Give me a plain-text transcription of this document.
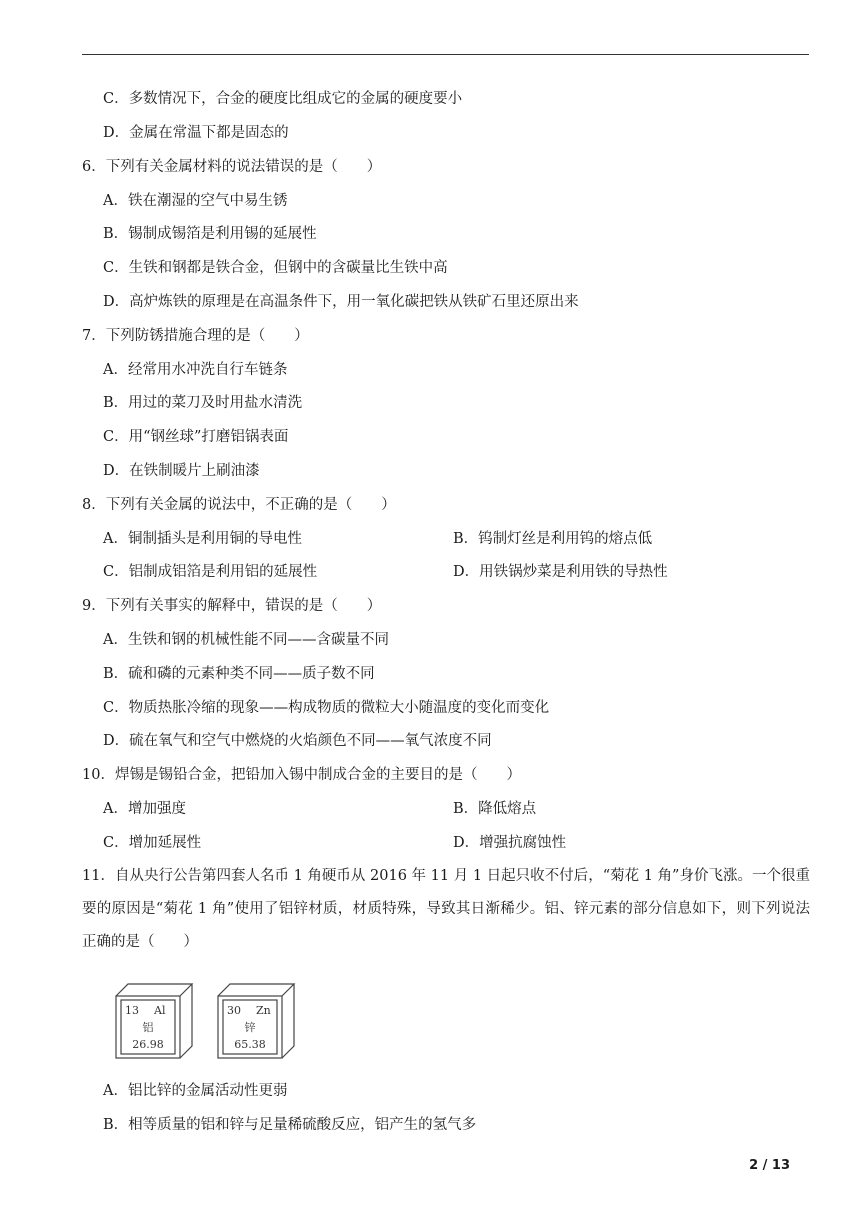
C．多数情况下，合金的硬度比组成它的金属的硬度要小
D．金属在常温下都是固态的
6．下列有关金属材料的说法错误的是（　　）
A．铁在潮湿的空气中易生锈
B．锡制成锡箔是利用锡的延展性
C．生铁和钢都是铁合金，但钢中的含碳量比生铁中高
D．高炉炼铁的原理是在高温条件下，用一氧化碳把铁从铁矿石里还原出来
7．下列防锈措施合理的是（　　）
A．经常用水冲洗自行车链条
B．用过的菜刀及时用盐水清洗
C．用“钢丝球”打磨铝锅表面
D．在铁制暖片上刷油漆
8．下列有关金属的说法中，不正确的是（　　）
A．铜制插头是利用铜的导电性	B．钨制灯丝是利用钨的熔点低
C．铝制成铝箔是利用铝的延展性	D．用铁锅炒菜是利用铁的导热性
9．下列有关事实的解释中，错误的是（　　）
A．生铁和钢的机械性能不同——含碳量不同
B．硫和磷的元素种类不同——质子数不同
C．物质热胀冷缩的现象——构成物质的微粒大小随温度的变化而变化
D．硫在氧气和空气中燃烧的火焰颜色不同——氧气浓度不同
10．焊锡是锡铅合金，把铅加入锡中制成合金的主要目的是（　　）
A．增加强度	B．降低熔点
C．增加延展性	D．增强抗腐蚀性
11．自从央行公告第四套人名币 1 角硬币从 2016 年 11 月 1 日起只收不付后，“菊花 1 角”身价飞涨。一个很重要的原因是“菊花 1 角”使用了铝锌材质，材质特殊，导致其日渐稀少。铝、锌元素的部分信息如下，则下列说法正确的是（　　）
13 Al
铝
26.98
30 Zn
锌
65.38
A．铝比锌的金属活动性更弱
B．相等质量的铝和锌与足量稀硫酸反应，铝产生的氢气多
2 / 13
